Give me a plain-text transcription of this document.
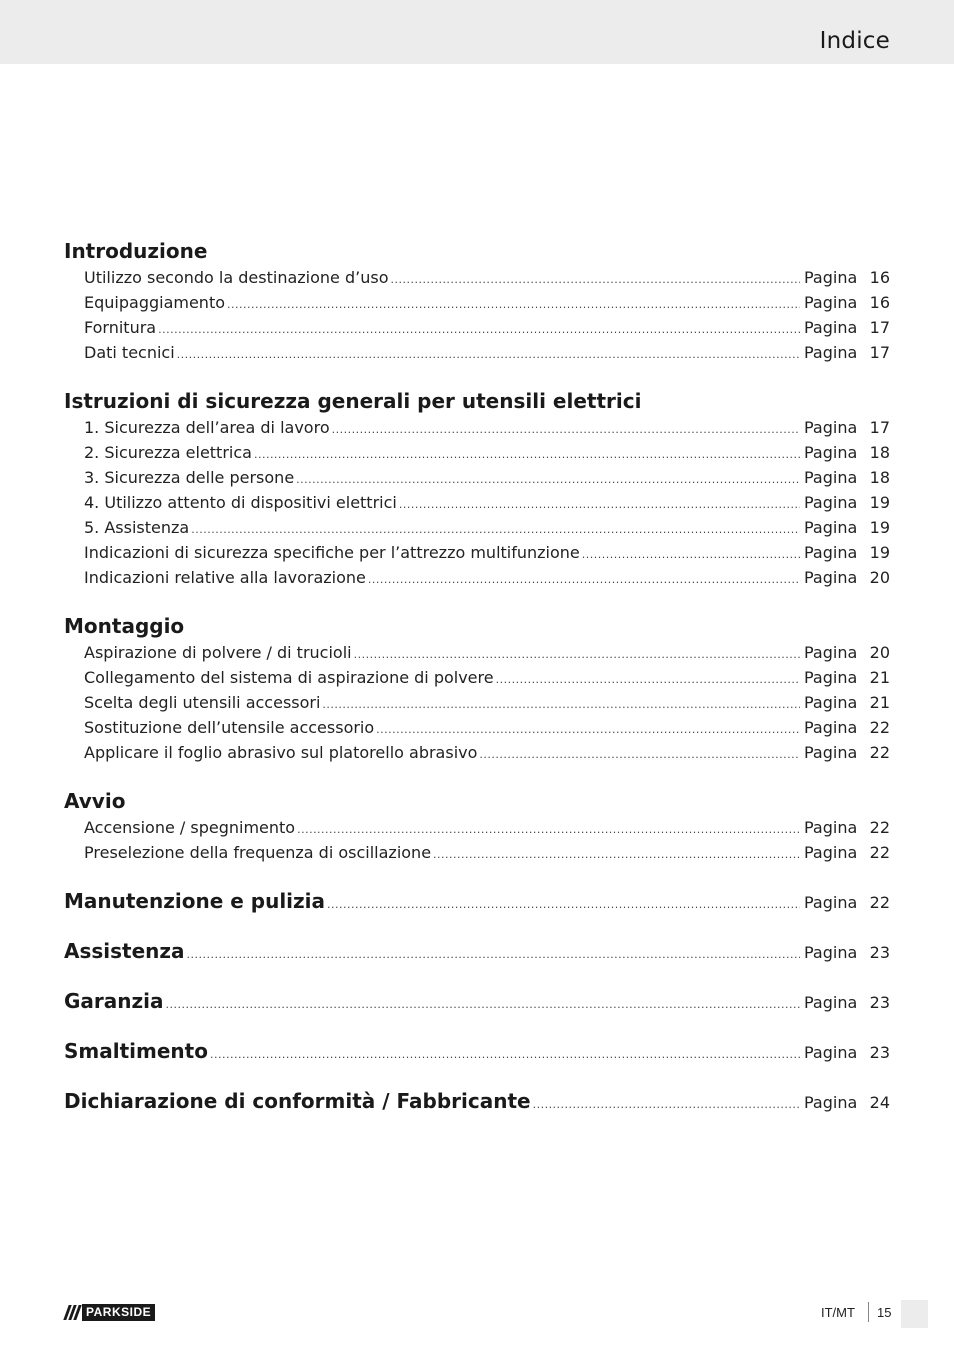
Indice
Introduzione
Utilizzo secondo la destinazione d’uso .....	Pagina 16
Equipaggiamento .....	Pagina 16
Fornitura .....	Pagina 17
Dati tecnici .....	Pagina 17
Istruzioni di sicurezza generali per utensili elettrici
1. Sicurezza dell’area di lavoro .....	Pagina 17
2. Sicurezza elettrica .....	Pagina 18
3. Sicurezza delle persone .....	Pagina 18
4. Utilizzo attento di dispositivi elettrici .....	Pagina 19
5. Assistenza .....	Pagina 19
Indicazioni di sicurezza specifiche per l’attrezzo multifunzione .....	Pagina 19
Indicazioni relative alla lavorazione .....	Pagina 20
Montaggio
Aspirazione di polvere / di trucioli .....	Pagina 20
Collegamento del sistema di aspirazione di polvere .....	Pagina 21
Scelta degli utensili accessori .....	Pagina 21
Sostituzione dell’utensile accessorio .....	Pagina 22
Applicare il foglio abrasivo sul platorello abrasivo .....	Pagina 22
Avvio
Accensione / spegnimento .....	Pagina 22
Preselezione della frequenza di oscillazione .....	Pagina 22
Manutenzione e pulizia .....	Pagina 22
Assistenza .....	Pagina 23
Garanzia .....	Pagina 23
Smaltimento .....	Pagina 23
Dichiarazione di conformità / Fabbricante .....	Pagina 24
PARKSIDE	IT/MT 15
